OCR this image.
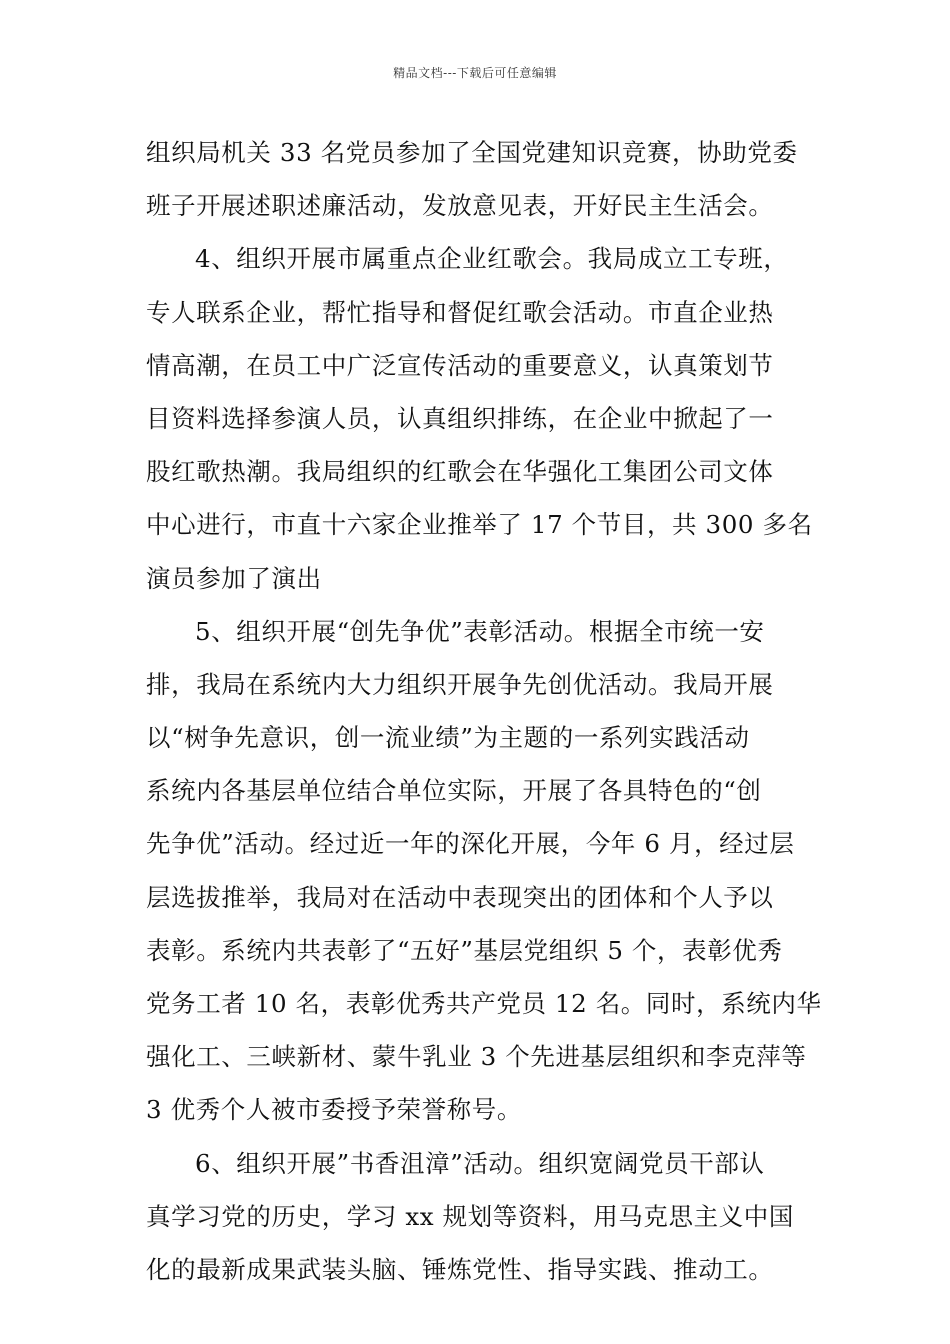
精品文档---下载后可任意编辑
组织局机关 33 名党员参加了全国党建知识竞赛，协助党委
班子开展述职述廉活动，发放意见表，开好民主生活会。
4、组织开展市属重点企业红歌会。我局成立工专班，
专人联系企业，帮忙指导和督促红歌会活动。市直企业热
情高潮，在员工中广泛宣传活动的重要意义，认真策划节
目资料选择参演人员，认真组织排练，在企业中掀起了一
股红歌热潮。我局组织的红歌会在华强化工集团公司文体
中心进行，市直十六家企业推举了 17 个节目，共 300 多名
演员参加了演出
5、组织开展“创先争优”表彰活动。根据全市统一安
排，我局在系统内大力组织开展争先创优活动。我局开展
以“树争先意识，创一流业绩”为主题的一系列实践活动
系统内各基层单位结合单位实际，开展了各具特色的“创
先争优”活动。经过近一年的深化开展，今年 6 月，经过层
层选拔推举，我局对在活动中表现突出的团体和个人予以
表彰。系统内共表彰了“五好”基层党组织 5 个，表彰优秀
党务工者 10 名，表彰优秀共产党员 12 名。同时，系统内华
强化工、三峡新材、蒙牛乳业 3 个先进基层组织和李克萍等
3 优秀个人被市委授予荣誉称号。
6、组织开展”书香沮漳”活动。组织宽阔党员干部认
真学习党的历史，学习 xx 规划等资料，用马克思主义中国
化的最新成果武装头脑、锤炼党性、指导实践、推动工。
